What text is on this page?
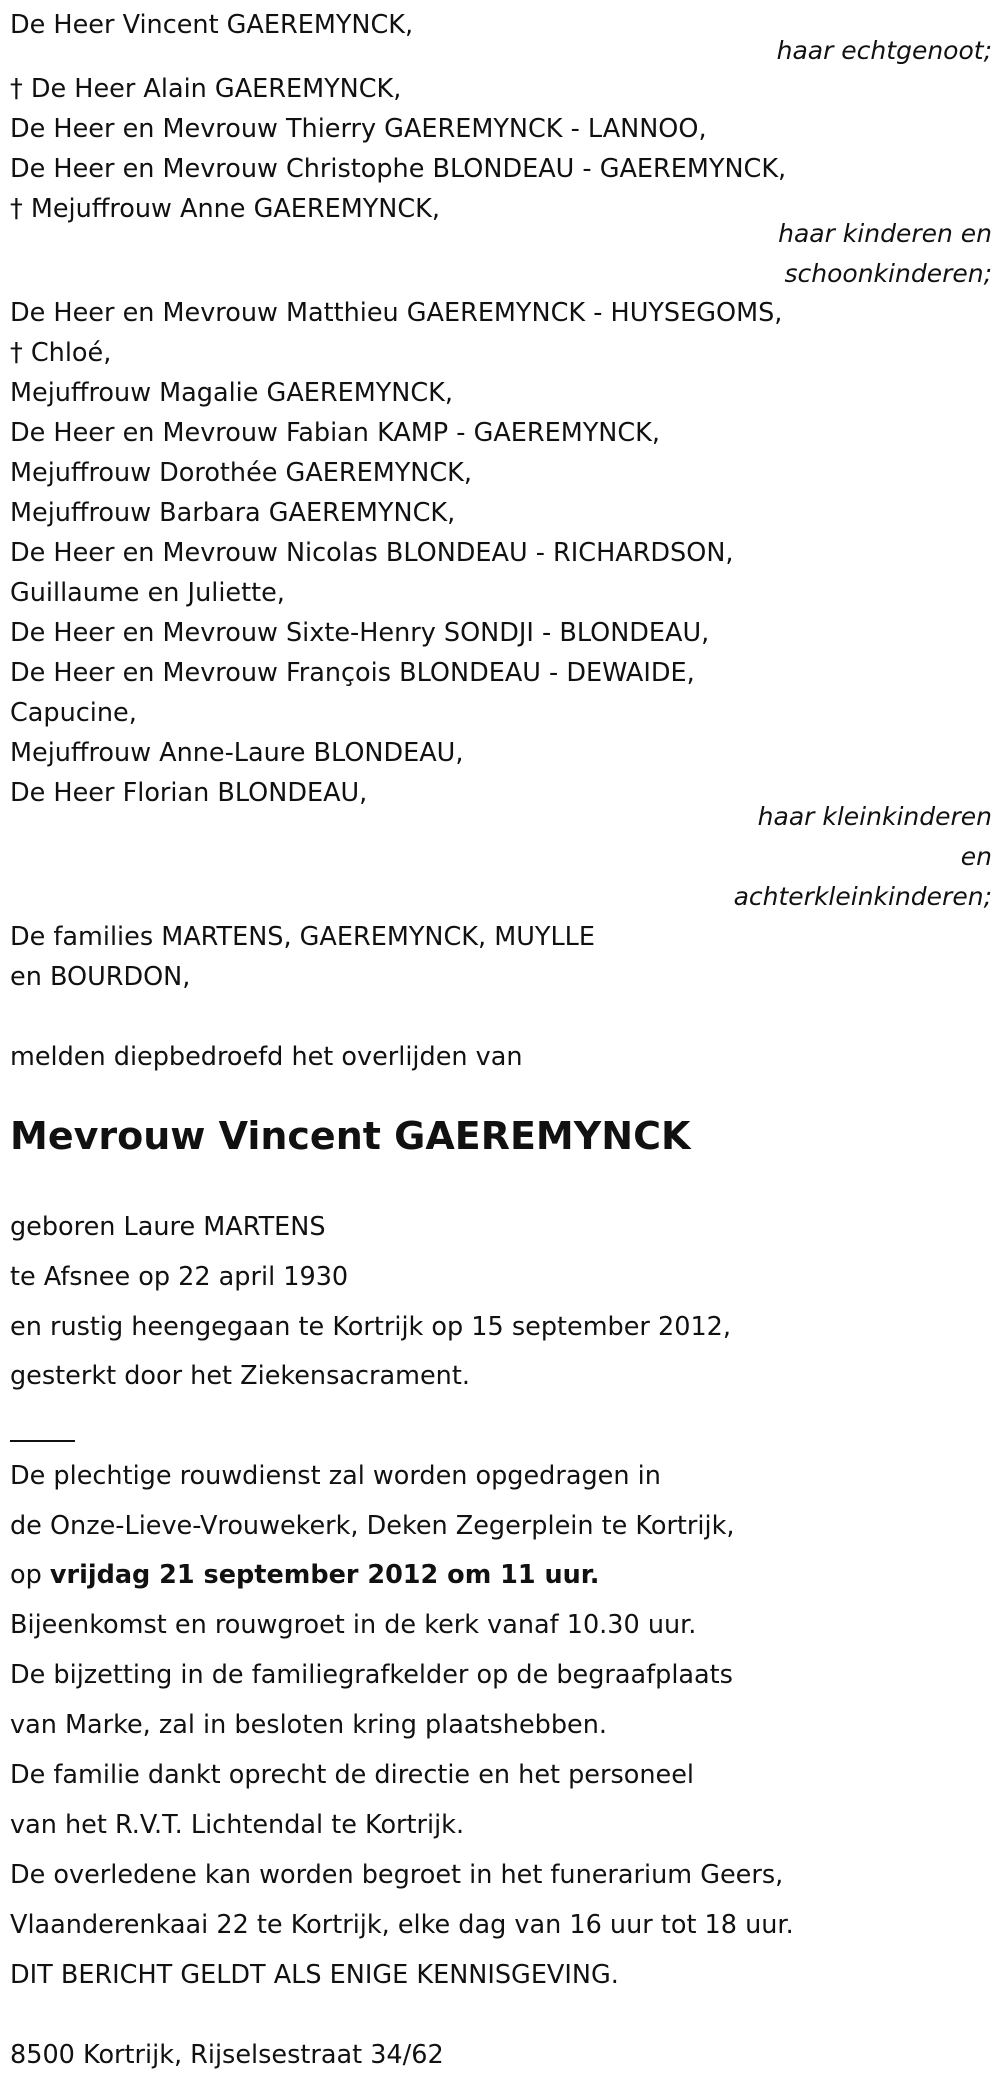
De Heer Vincent GAEREMYNCK,
haar echtgenoot;
† De Heer Alain GAEREMYNCK,
De Heer en Mevrouw Thierry GAEREMYNCK - LANNOO,
De Heer en Mevrouw Christophe BLONDEAU - GAEREMYNCK,
† Mejuffrouw Anne GAEREMYNCK,
haar kinderen en
schoonkinderen;
De Heer en Mevrouw Matthieu GAEREMYNCK - HUYSEGOMS,
† Chloé,
Mejuffrouw Magalie GAEREMYNCK,
De Heer en Mevrouw Fabian KAMP - GAEREMYNCK,
Mejuffrouw Dorothée GAEREMYNCK,
Mejuffrouw Barbara GAEREMYNCK,
De Heer en Mevrouw Nicolas BLONDEAU - RICHARDSON,
Guillaume en Juliette,
De Heer en Mevrouw Sixte-Henry SONDJI - BLONDEAU,
De Heer en Mevrouw François BLONDEAU - DEWAIDE,
Capucine,
Mejuffrouw Anne-Laure BLONDEAU,
De Heer Florian BLONDEAU,
haar kleinkinderen
en
achterkleinkinderen;
De families MARTENS, GAEREMYNCK, MUYLLE
en BOURDON,
melden diepbedroefd het overlijden van
Mevrouw Vincent GAEREMYNCK
geboren Laure MARTENS
te Afsnee op 22 april 1930
en rustig heengegaan te Kortrijk op 15 september 2012,
gesterkt door het Ziekensacrament.
De plechtige rouwdienst zal worden opgedragen in
de Onze-Lieve-Vrouwekerk, Deken Zegerplein te Kortrijk,
op vrijdag 21 september 2012 om 11 uur.
Bijeenkomst en rouwgroet in de kerk vanaf 10.30 uur.
De bijzetting in de familiegrafkelder op de begraafplaats
van Marke, zal in besloten kring plaatshebben.
De familie dankt oprecht de directie en het personeel
van het R.V.T. Lichtendal te Kortrijk.
De overledene kan worden begroet in het funerarium Geers,
Vlaanderenkaai 22 te Kortrijk, elke dag van 16 uur tot 18 uur.
DIT BERICHT GELDT ALS ENIGE KENNISGEVING.
8500 Kortrijk, Rijselsestraat 34/62
